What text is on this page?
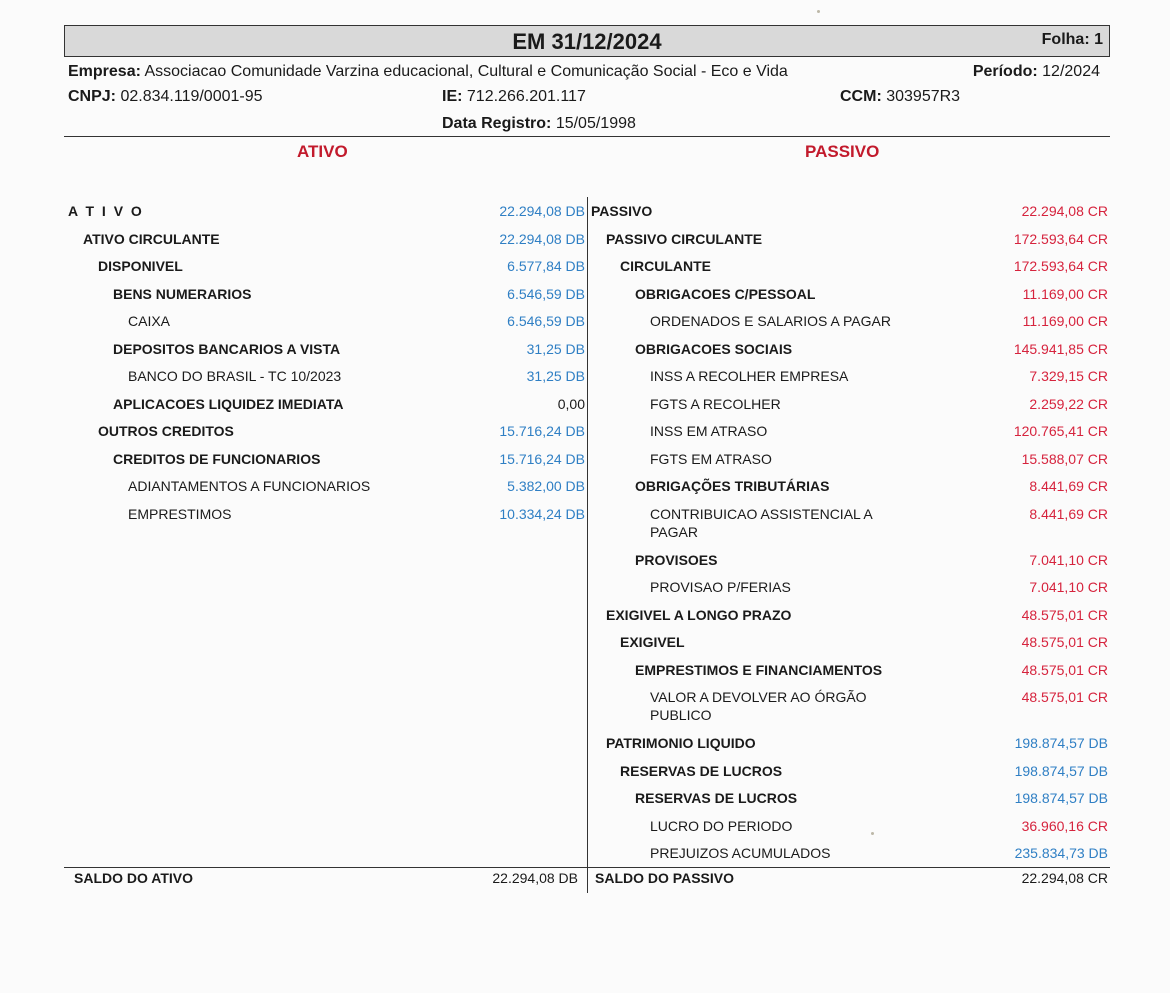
EM 31/12/2024	Folha: 1
Empresa: Associacao Comunidade Varzina educacional, Cultural e Comunicação Social - Eco e Vida	Período: 12/2024
CNPJ: 02.834.119/0001-95	IE: 712.266.201.117	CCM: 303957R3
Data Registro: 15/05/1998
ATIVO	PASSIVO
A T I V O	22.294,08 DB
ATIVO CIRCULANTE	22.294,08 DB
DISPONIVEL	6.577,84 DB
BENS NUMERARIOS	6.546,59 DB
CAIXA	6.546,59 DB
DEPOSITOS BANCARIOS A VISTA	31,25 DB
BANCO DO BRASIL - TC 10/2023	31,25 DB
APLICACOES LIQUIDEZ IMEDIATA	0,00
OUTROS CREDITOS	15.716,24 DB
CREDITOS DE FUNCIONARIOS	15.716,24 DB
ADIANTAMENTOS A FUNCIONARIOS	5.382,00 DB
EMPRESTIMOS	10.334,24 DB
PASSIVO	22.294,08 CR
PASSIVO CIRCULANTE	172.593,64 CR
CIRCULANTE	172.593,64 CR
OBRIGACOES C/PESSOAL	11.169,00 CR
ORDENADOS E SALARIOS A PAGAR	11.169,00 CR
OBRIGACOES SOCIAIS	145.941,85 CR
INSS A RECOLHER EMPRESA	7.329,15 CR
FGTS A RECOLHER	2.259,22 CR
INSS EM ATRASO	120.765,41 CR
FGTS EM ATRASO	15.588,07 CR
OBRIGAÇÕES TRIBUTÁRIAS	8.441,69 CR
CONTRIBUICAO ASSISTENCIAL A
PAGAR
8.441,69 CR
PROVISOES	7.041,10 CR
PROVISAO P/FERIAS	7.041,10 CR
EXIGIVEL A LONGO PRAZO	48.575,01 CR
EXIGIVEL	48.575,01 CR
EMPRESTIMOS E FINANCIAMENTOS	48.575,01 CR
VALOR A DEVOLVER AO ÓRGÃO
PUBLICO
48.575,01 CR
PATRIMONIO LIQUIDO	198.874,57 DB
RESERVAS DE LUCROS	198.874,57 DB
RESERVAS DE LUCROS	198.874,57 DB
LUCRO DO PERIODO	36.960,16 CR
PREJUIZOS ACUMULADOS	235.834,73 DB
SALDO DO ATIVO	22.294,08 DB SALDO DO PASSIVO	22.294,08 CR
